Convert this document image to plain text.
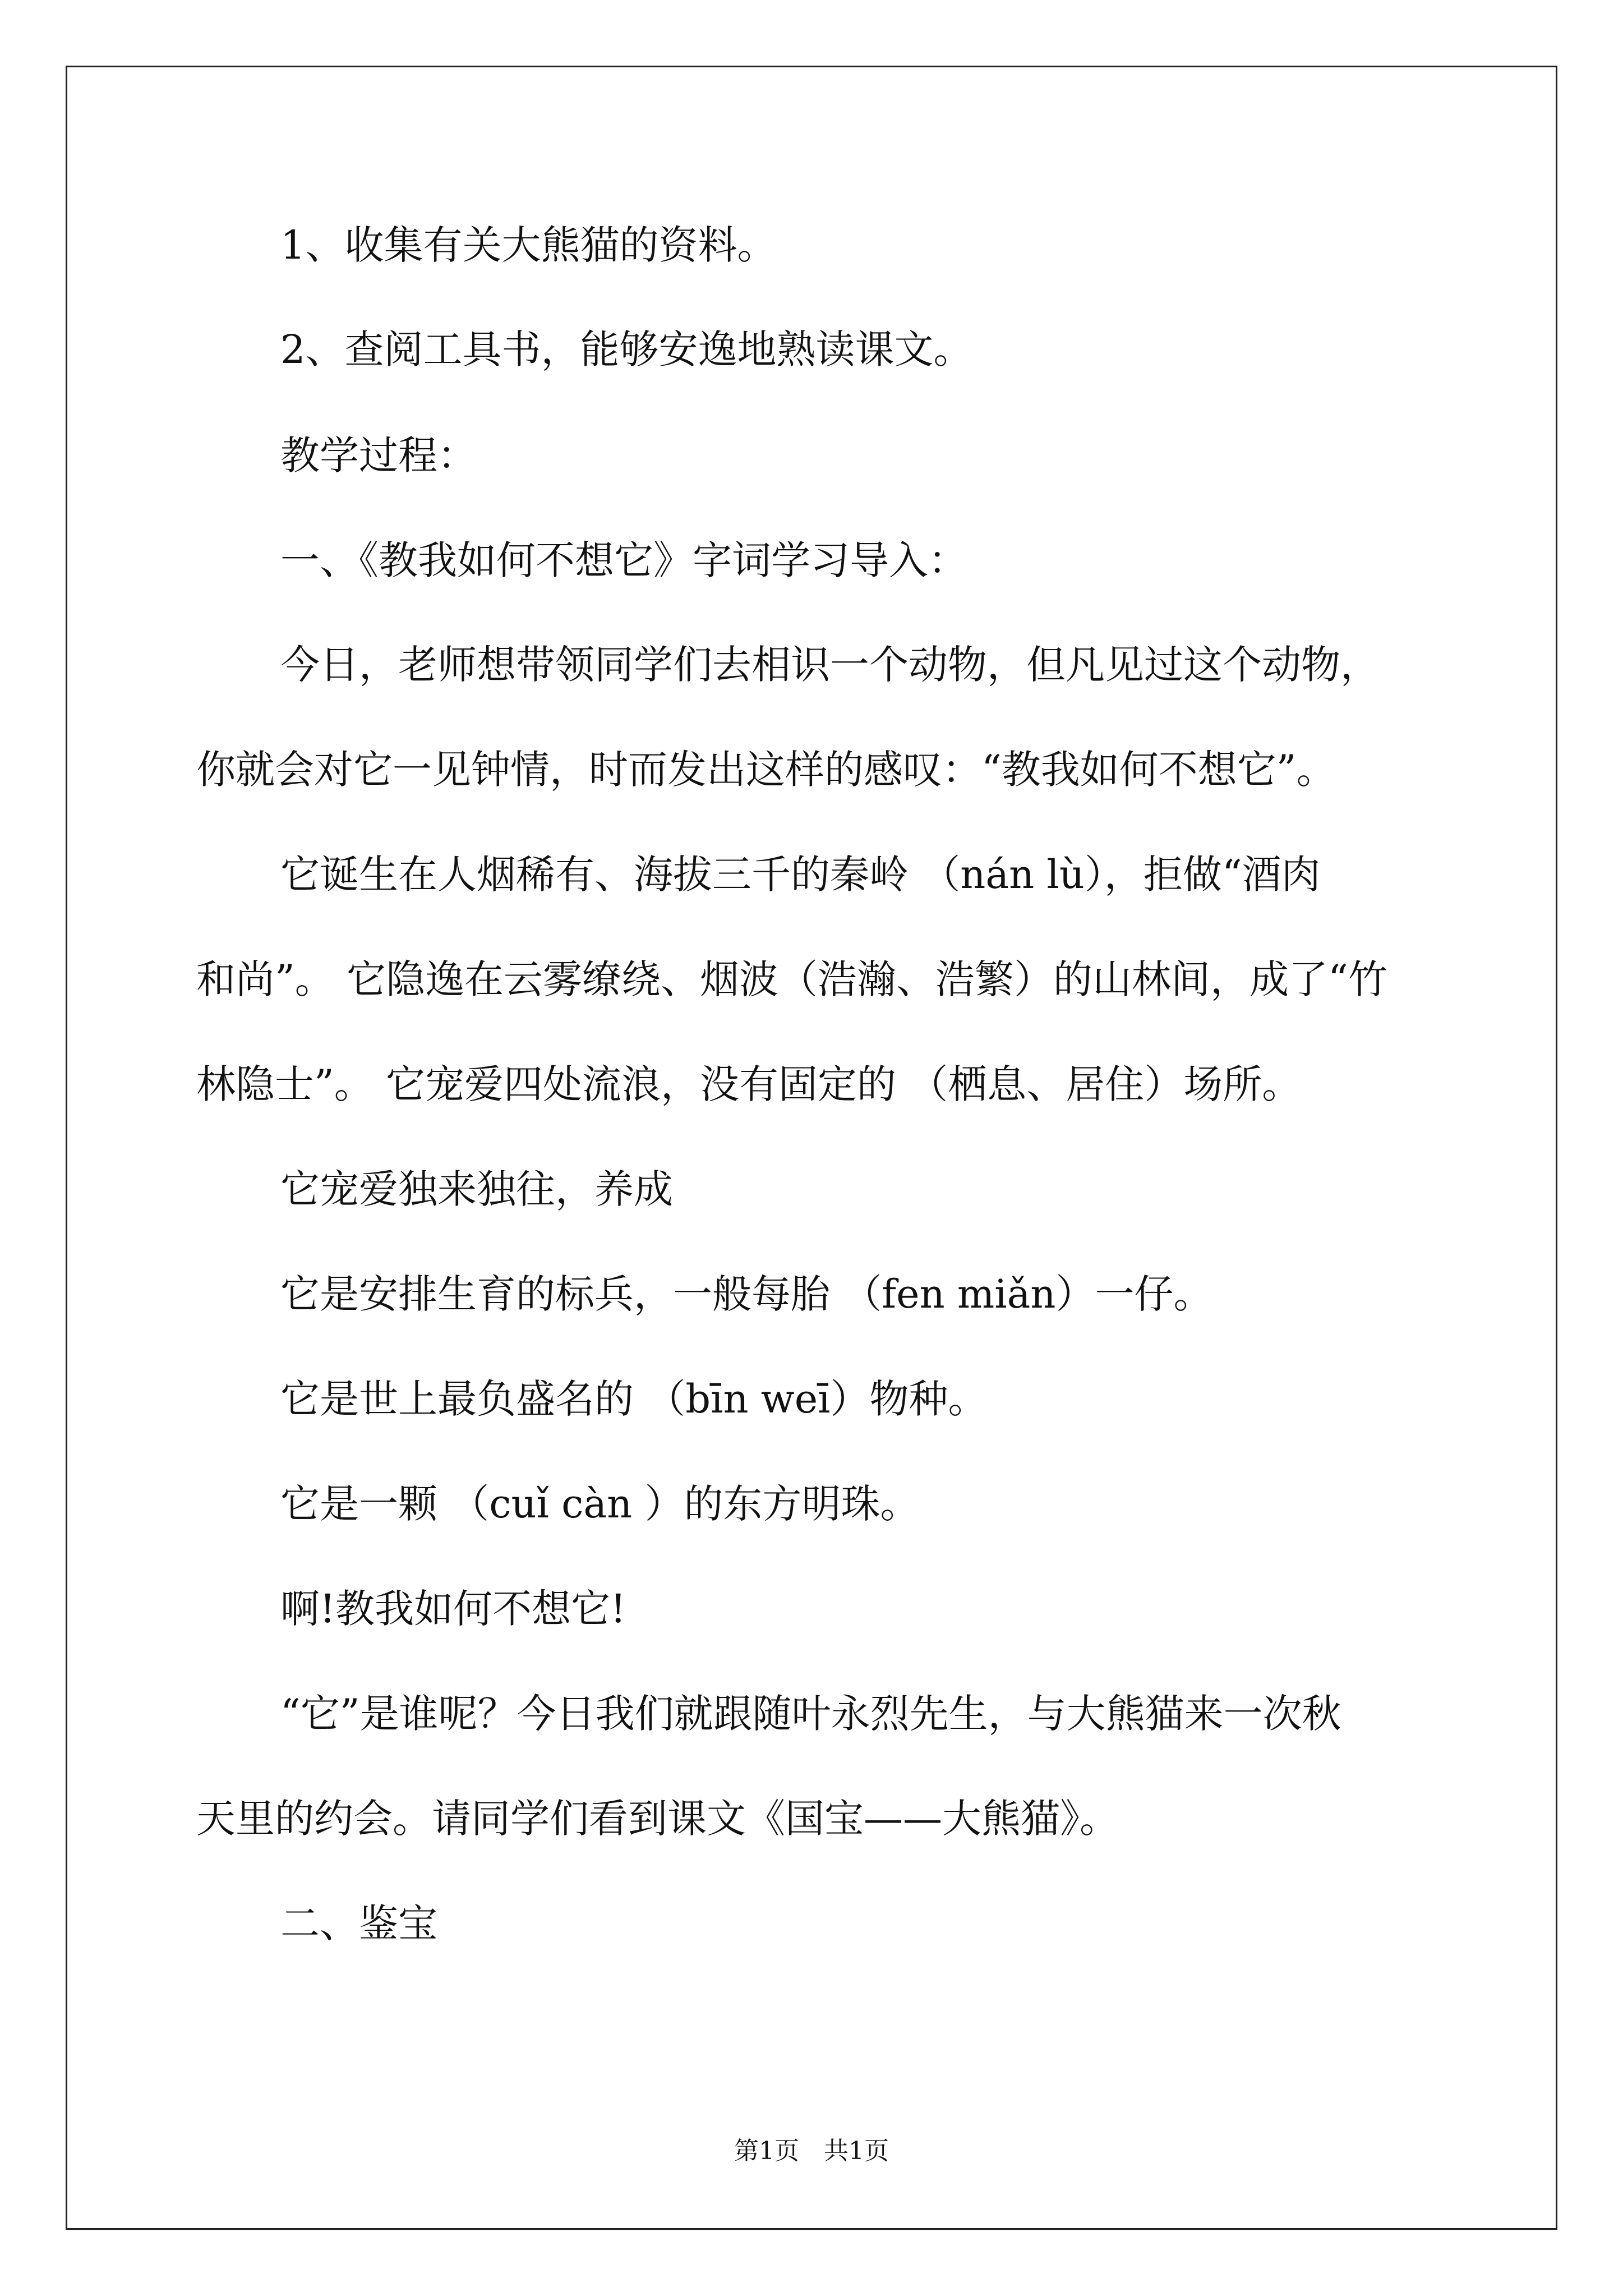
1、收集有关大熊猫的资料。
2、查阅工具书，能够安逸地熟读课文。
教学过程：
一、《教我如何不想它》字词学习导入：
今日，老师想带领同学们去相识一个动物，但凡见过这个动物，
你就会对它一见钟情，时而发出这样的感叹：“教我如何不想它”。
它诞生在人烟稀有、海拔三千的秦岭 （nán lù），拒做“酒肉
和尚”。 它隐逸在云雾缭绕、烟波（浩瀚、浩繁）的山林间，成了“竹
林隐士”。 它宠爱四处流浪，没有固定的 （栖息、居住）场所。
它宠爱独来独往，养成
它是安排生育的标兵，一般每胎 （fen miǎn）一仔。
它是世上最负盛名的 （bīn weī）物种。
它是一颗 （cuǐ càn ）的东方明珠。
啊!教我如何不想它!
“它”是谁呢？今日我们就跟随叶永烈先生，与大熊猫来一次秋
天里的约会。请同学们看到课文《国宝——大熊猫》。
二、鉴宝
第1页　共1页
